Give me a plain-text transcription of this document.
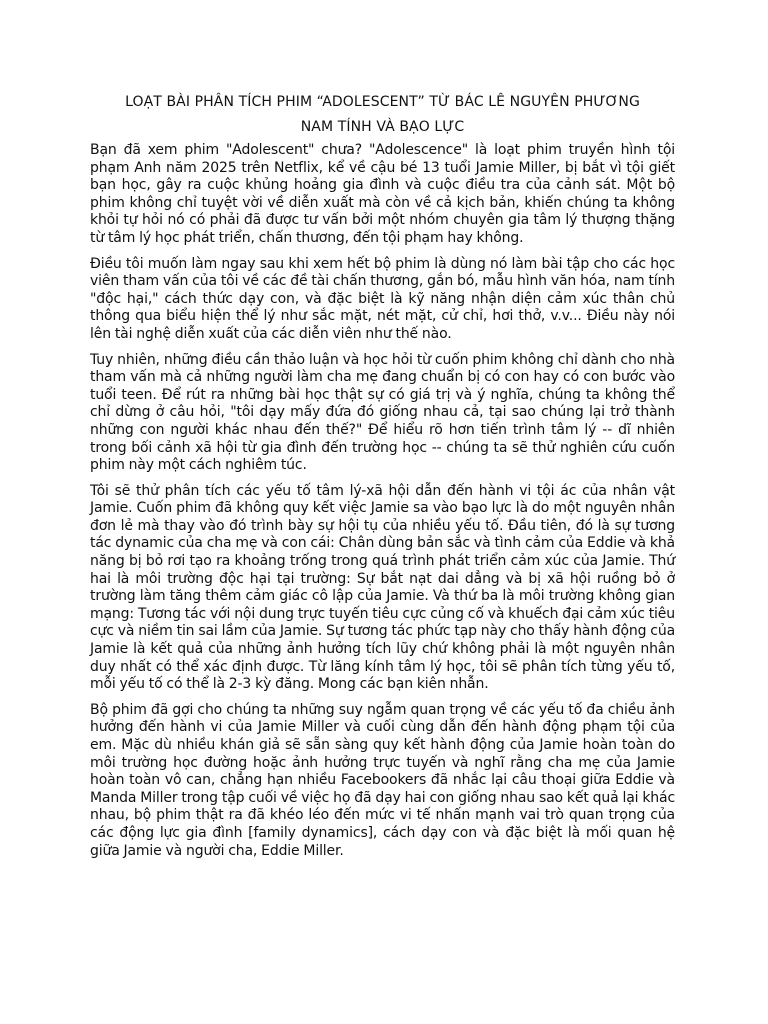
LOẠT BÀI PHÂN TÍCH PHIM “ADOLESCENT” TỪ BÁC LÊ NGUYÊN PHƯƠNG
NAM TÍNH VÀ BẠO LỰC

Bạn đã xem phim "Adolescent" chưa? "Adolescence" là loạt phim truyền hình tội phạm Anh năm 2025 trên Netflix, kể về cậu bé 13 tuổi Jamie Miller, bị bắt vì tội giết bạn học, gây ra cuộc khủng hoảng gia đình và cuộc điều tra của cảnh sát. Một bộ phim không chỉ tuyệt vời về diễn xuất mà còn về cả kịch bản, khiến chúng ta không khỏi tự hỏi nó có phải đã được tư vấn bởi một nhóm chuyên gia tâm lý thượng thặng từ tâm lý học phát triển, chấn thương, đến tội phạm hay không.

Điều tôi muốn làm ngay sau khi xem hết bộ phim là dùng nó làm bài tập cho các học viên tham vấn của tôi về các đề tài chấn thương, gắn bó, mẫu hình văn hóa, nam tính "độc hại," cách thức dạy con, và đặc biệt là kỹ năng nhận diện cảm xúc thân chủ thông qua biểu hiện thể lý như sắc mặt, nét mặt, cử chỉ, hơi thở, v.v... Điều này nói lên tài nghệ diễn xuất của các diễn viên như thế nào.

Tuy nhiên, những điều cần thảo luận và học hỏi từ cuốn phim không chỉ dành cho nhà tham vấn mà cả những người làm cha mẹ đang chuẩn bị có con hay có con bước vào tuổi teen. Để rút ra những bài học thật sự có giá trị và ý nghĩa, chúng ta không thể chỉ dừng ở câu hỏi, "tôi dạy mấy đứa đó giống nhau cả, tại sao chúng lại trở thành những con người khác nhau đến thế?" Để hiểu rõ hơn tiến trình tâm lý -- dĩ nhiên trong bối cảnh xã hội từ gia đình đến trường học -- chúng ta sẽ thử nghiên cứu cuốn phim này một cách nghiêm túc.

Tôi sẽ thử phân tích các yếu tố tâm lý-xã hội dẫn đến hành vi tội ác của nhân vật Jamie. Cuốn phim đã không quy kết việc Jamie sa vào bạo lực là do một nguyên nhân đơn lẻ mà thay vào đó trình bày sự hội tụ của nhiều yếu tố. Đầu tiên, đó là sự tương tác dynamic của cha mẹ và con cái: Chân dùng bản sắc và tình cảm của Eddie và khả năng bị bỏ rơi tạo ra khoảng trống trong quá trình phát triển cảm xúc của Jamie. Thứ hai là môi trường độc hại tại trường: Sự bắt nạt dai dẳng và bị xã hội ruồng bỏ ở trường làm tăng thêm cảm giác cô lập của Jamie. Và thứ ba là môi trường không gian mạng: Tương tác với nội dung trực tuyến tiêu cực củng cố và khuếch đại cảm xúc tiêu cực và niềm tin sai lầm của Jamie. Sự tương tác phức tạp này cho thấy hành động của Jamie là kết quả của những ảnh hưởng tích lũy chứ không phải là một nguyên nhân duy nhất có thể xác định được. Từ lăng kính tâm lý học, tôi sẽ phân tích từng yếu tố, mỗi yếu tố có thể là 2-3 kỳ đăng. Mong các bạn kiên nhẫn.

Bộ phim đã gợi cho chúng ta những suy ngẫm quan trọng về các yếu tố đa chiều ảnh hưởng đến hành vi của Jamie Miller và cuối cùng dẫn đến hành động phạm tội của em. Mặc dù nhiều khán giả sẽ sẵn sàng quy kết hành động của Jamie hoàn toàn do môi trường học đường hoặc ảnh hưởng trực tuyến và nghĩ rằng cha mẹ của Jamie hoàn toàn vô can, chẳng hạn nhiều Facebookers đã nhắc lại câu thoại giữa Eddie và Manda Miller trong tập cuối về việc họ đã dạy hai con giống nhau sao kết quả lại khác nhau, bộ phim thật ra đã khéo léo đến mức vi tế nhấn mạnh vai trò quan trọng của các động lực gia đình [family dynamics], cách dạy con và đặc biệt là mối quan hệ giữa Jamie và người cha, Eddie Miller.
